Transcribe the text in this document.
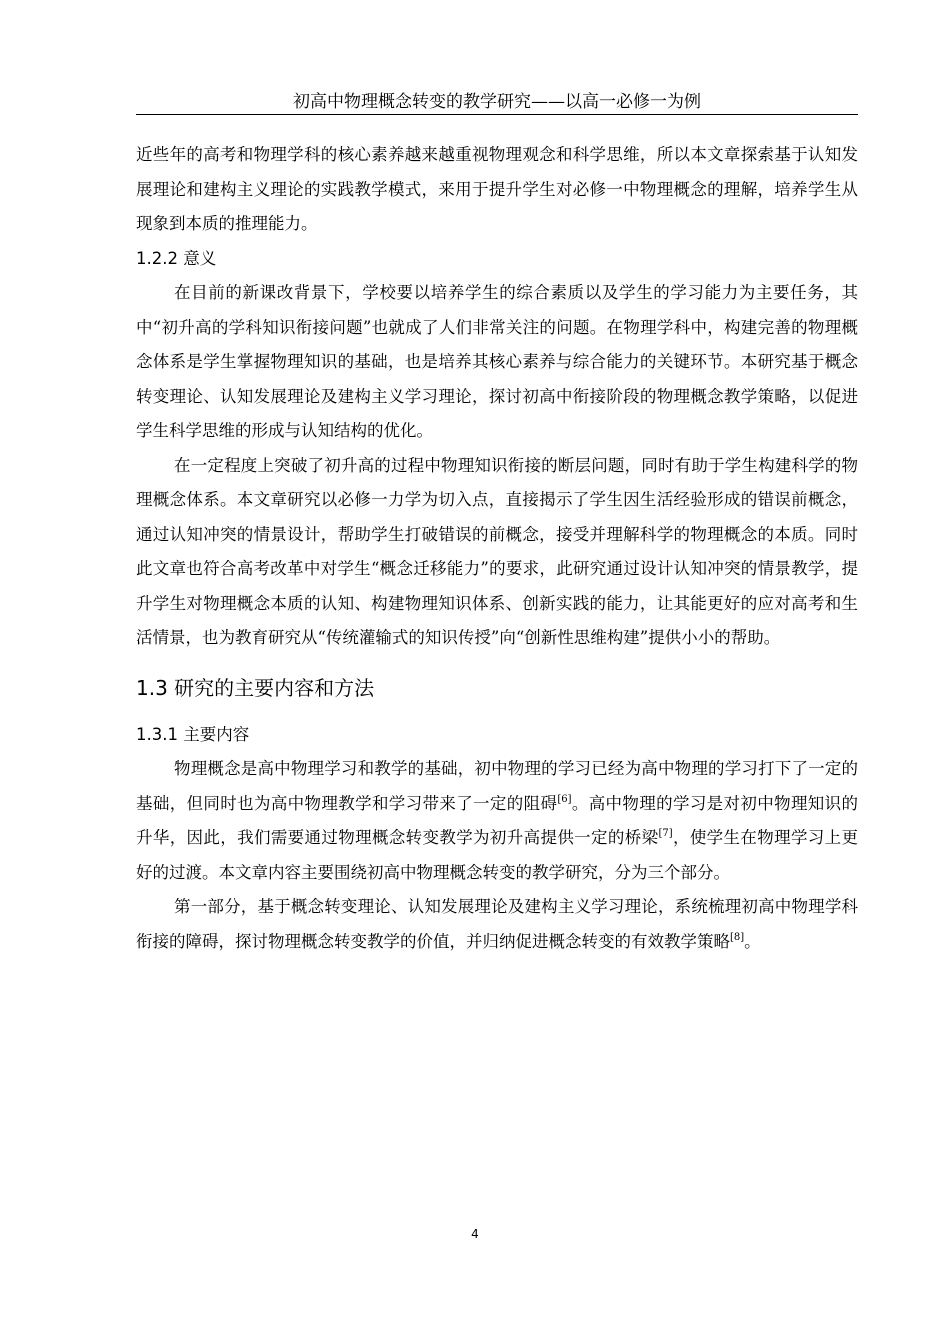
初高中物理概念转变的教学研究——以高一必修一为例

近些年的高考和物理学科的核心素养越来越重视物理观念和科学思维，所以本文章探索基于认知发展理论和建构主义理论的实践教学模式，来用于提升学生对必修一中物理概念的理解，培养学生从现象到本质的推理能力。

1.2.2 意义

在目前的新课改背景下，学校要以培养学生的综合素质以及学生的学习能力为主要任务，其中“初升高的学科知识衔接问题”也就成了人们非常关注的问题。在物理学科中，构建完善的物理概念体系是学生掌握物理知识的基础，也是培养其核心素养与综合能力的关键环节。本研究基于概念转变理论、认知发展理论及建构主义学习理论，探讨初高中衔接阶段的物理概念教学策略，以促进学生科学思维的形成与认知结构的优化。

在一定程度上突破了初升高的过程中物理知识衔接的断层问题，同时有助于学生构建科学的物理概念体系。本文章研究以必修一力学为切入点，直接揭示了学生因生活经验形成的错误前概念，通过认知冲突的情景设计，帮助学生打破错误的前概念，接受并理解科学的物理概念的本质。同时此文章也符合高考改革中对学生“概念迁移能力”的要求，此研究通过设计认知冲突的情景教学，提升学生对物理概念本质的认知、构建物理知识体系、创新实践的能力，让其能更好的应对高考和生活情景，也为教育研究从“传统灌输式的知识传授”向“创新性思维构建”提供小小的帮助。

1.3 研究的主要内容和方法

1.3.1 主要内容

物理概念是高中物理学习和教学的基础，初中物理的学习已经为高中物理的学习打下了一定的基础，但同时也为高中物理教学和学习带来了一定的阻碍[6]。高中物理的学习是对初中物理知识的升华，因此，我们需要通过物理概念转变教学为初升高提供一定的桥梁[7]，使学生在物理学习上更好的过渡。本文章内容主要围绕初高中物理概念转变的教学研究，分为三个部分。

第一部分，基于概念转变理论、认知发展理论及建构主义学习理论，系统梳理初高中物理学科衔接的障碍，探讨物理概念转变教学的价值，并归纳促进概念转变的有效教学策略[8]。

4
